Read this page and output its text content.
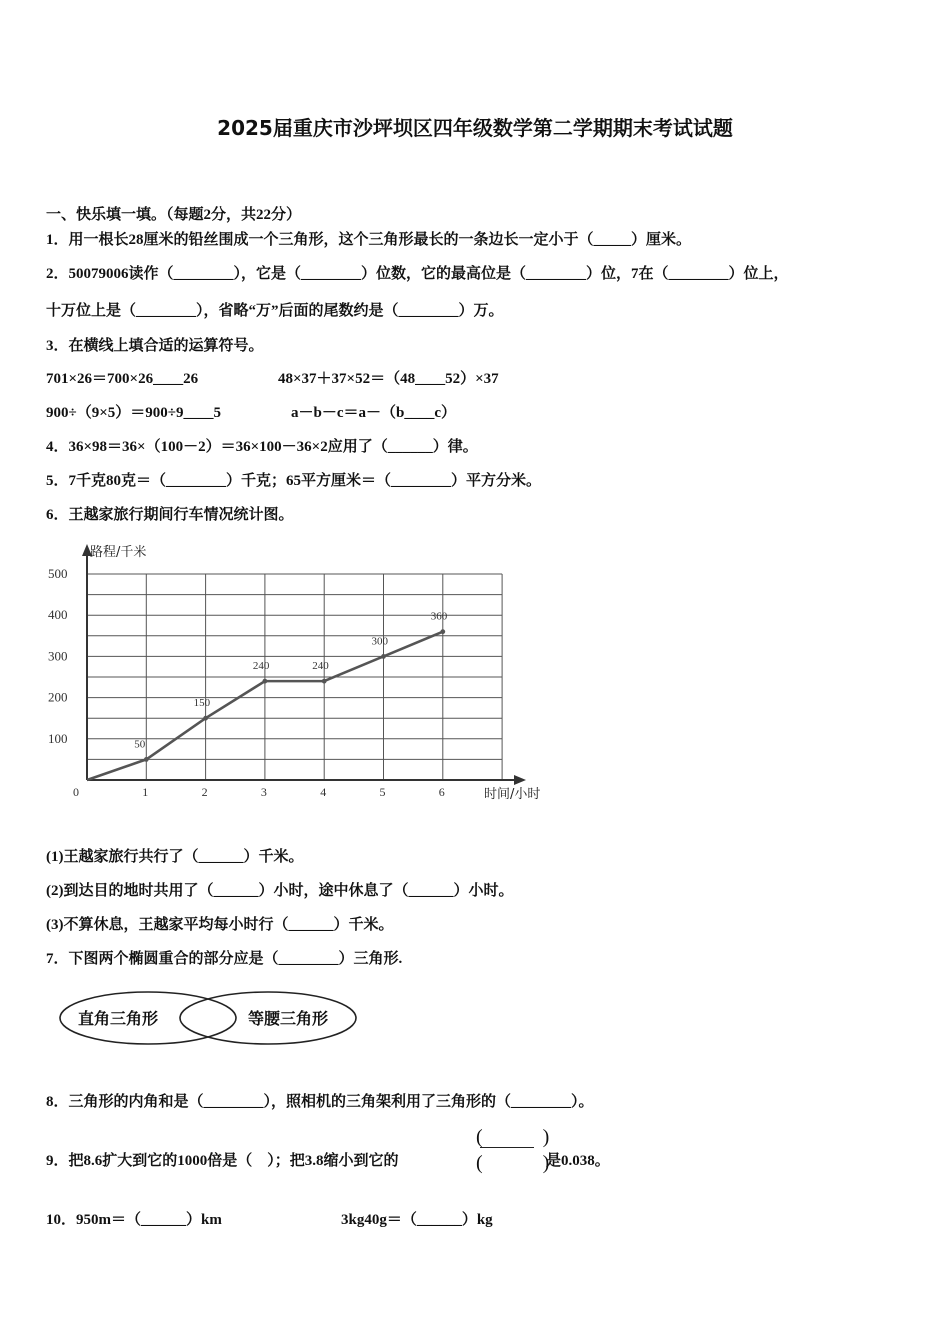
2025届重庆市沙坪坝区四年级数学第二学期期末考试试题
一、快乐填一填。（每题2分，共22分）
1．用一根长28厘米的铅丝围成一个三角形，这个三角形最长的一条边长一定小于（_____）厘米。
2．50079006读作（________），它是（________）位数，它的最高位是（________）位，7在（________）位上，
十万位上是（________），省略“万”后面的尾数约是（________）万。
3．在横线上填合适的运算符号。
701×26＝700×26____26	48×37＋37×52＝（48____52）×37
900÷（9×5）＝900÷9____5	a－b－c＝a－（b____c）
4．36×98＝36×（100－2）＝36×100－36×2应用了（______）律。
5．7千克80克＝（________）千克；65平方厘米＝（________）平方分米。
6．王越家旅行期间行车情况统计图。
路程/千米
时间/小时
100
200
300
400
500
0	1	2	3	4	5	6
50
150
240	240
300
360
(1)王越家旅行共行了（______）千米。
(2)到达目的地时共用了（______）小时，途中休息了（______）小时。
(3)不算休息，王越家平均每小时行（______）千米。
7．下图两个椭圆重合的部分应是（________）三角形.
直角三角形	等腰三角形
8．三角形的内角和是（________），照相机的三角架利用了三角形的（________）。
9．把8.6扩大到它的1000倍是（　）；把3.8缩小到它的
(　　　)
(　　　)
是0.038。
10．950m＝（______）km	3kg40g＝（______）kg
